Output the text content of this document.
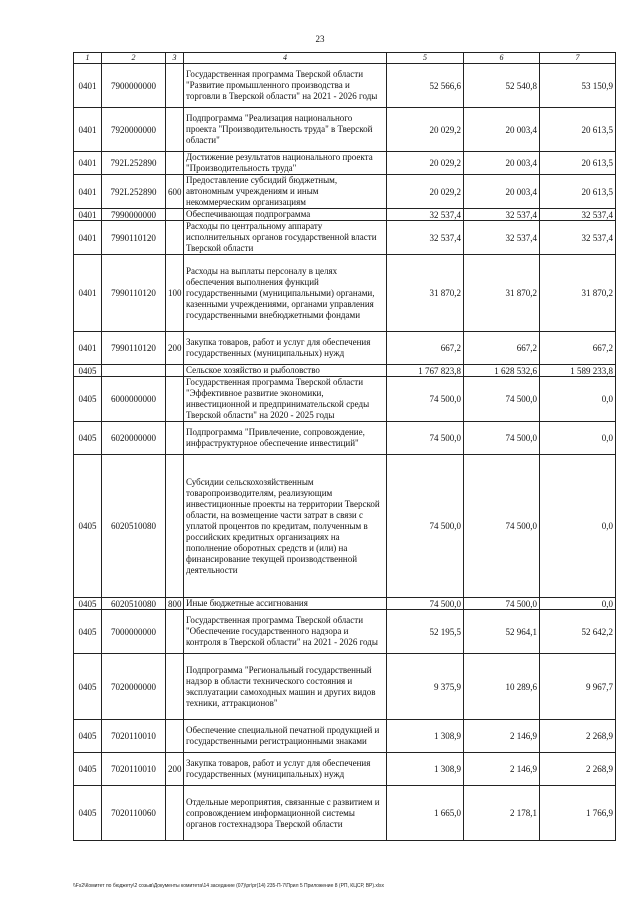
23
1	2	3	4	5	6	7
0401	7900000000		Государственная программа Тверской области "Развитие промышленного производства и торговли в Тверской области" на 2021 - 2026 годы	52 566,6	52 540,8	53 150,9
0401	7920000000		Подпрограмма "Реализация национального проекта "Производительность труда" в Тверской области"	20 029,2	20 003,4	20 613,5
0401	792L252890		Достижение результатов национального проекта "Производительность труда"	20 029,2	20 003,4	20 613,5
0401	792L252890	600	Предоставление субсидий бюджетным, автономным учреждениям и иным некоммерческим организациям	20 029,2	20 003,4	20 613,5
0401	7990000000		Обеспечивающая подпрограмма	32 537,4	32 537,4	32 537,4
0401	7990110120		Расходы по центральному аппарату исполнительных органов государственной власти Тверской области	32 537,4	32 537,4	32 537,4
0401	7990110120	100	Расходы на выплаты персоналу в целях обеспечения выполнения функций государственными (муниципальными) органами, казенными учреждениями, органами управления государственными внебюджетными фондами	31 870,2	31 870,2	31 870,2
0401	7990110120	200	Закупка товаров, работ и услуг для обеспечения государственных (муниципальных) нужд	667,2	667,2	667,2
0405			Сельское хозяйство и рыболовство	1 767 823,8	1 628 532,6	1 589 233,8
0405	6000000000		Государственная программа Тверской области "Эффективное развитие экономики, инвестиционной и предпринимательской среды Тверской области" на 2020 - 2025 годы	74 500,0	74 500,0	0,0
0405	6020000000		Подпрограмма "Привлечение, сопровождение, инфраструктурное обеспечение инвестиций"	74 500,0	74 500,0	0,0
0405	6020510080		Субсидии сельскохозяйственным товаропроизводителям, реализующим инвестиционные проекты на территории Тверской области, на возмещение части затрат в связи с уплатой процентов по кредитам, полученным в российских кредитных организациях на пополнение оборотных средств и (или) на финансирование текущей производственной деятельности	74 500,0	74 500,0	0,0
0405	6020510080	800	Иные бюджетные ассигнования	74 500,0	74 500,0	0,0
0405	7000000000		Государственная программа Тверской области "Обеспечение государственного надзора и контроля в Тверской области" на 2021 - 2026 годы	52 195,5	52 964,1	52 642,2
0405	7020000000		Подпрограмма "Региональный государственный надзор в области технического состояния и эксплуатации самоходных машин и других видов техники, аттракционов"	9 375,9	10 289,6	9 967,7
0405	7020110010		Обеспечение специальной печатной продукцией и государственными регистрационными знаками	1 308,9	2 146,9	2 268,9
0405	7020110010	200	Закупка товаров, работ и услуг для обеспечения государственных (муниципальных) нужд	1 308,9	2 146,9	2 268,9
0405	7020110060		Отдельные мероприятия, связанные с развитием и сопровождением информационной системы органов гостехнадзора Тверской области	1 665,0	2 178,1	1 766,9
\\Fs2\Комитет по бюджету\2 созыв\Документы комитета\14 заседание (07)\pr\pr(14) 235-П-7\Прил 5 Приложение 8 (РП, КЦСР, ВР).xlsx
